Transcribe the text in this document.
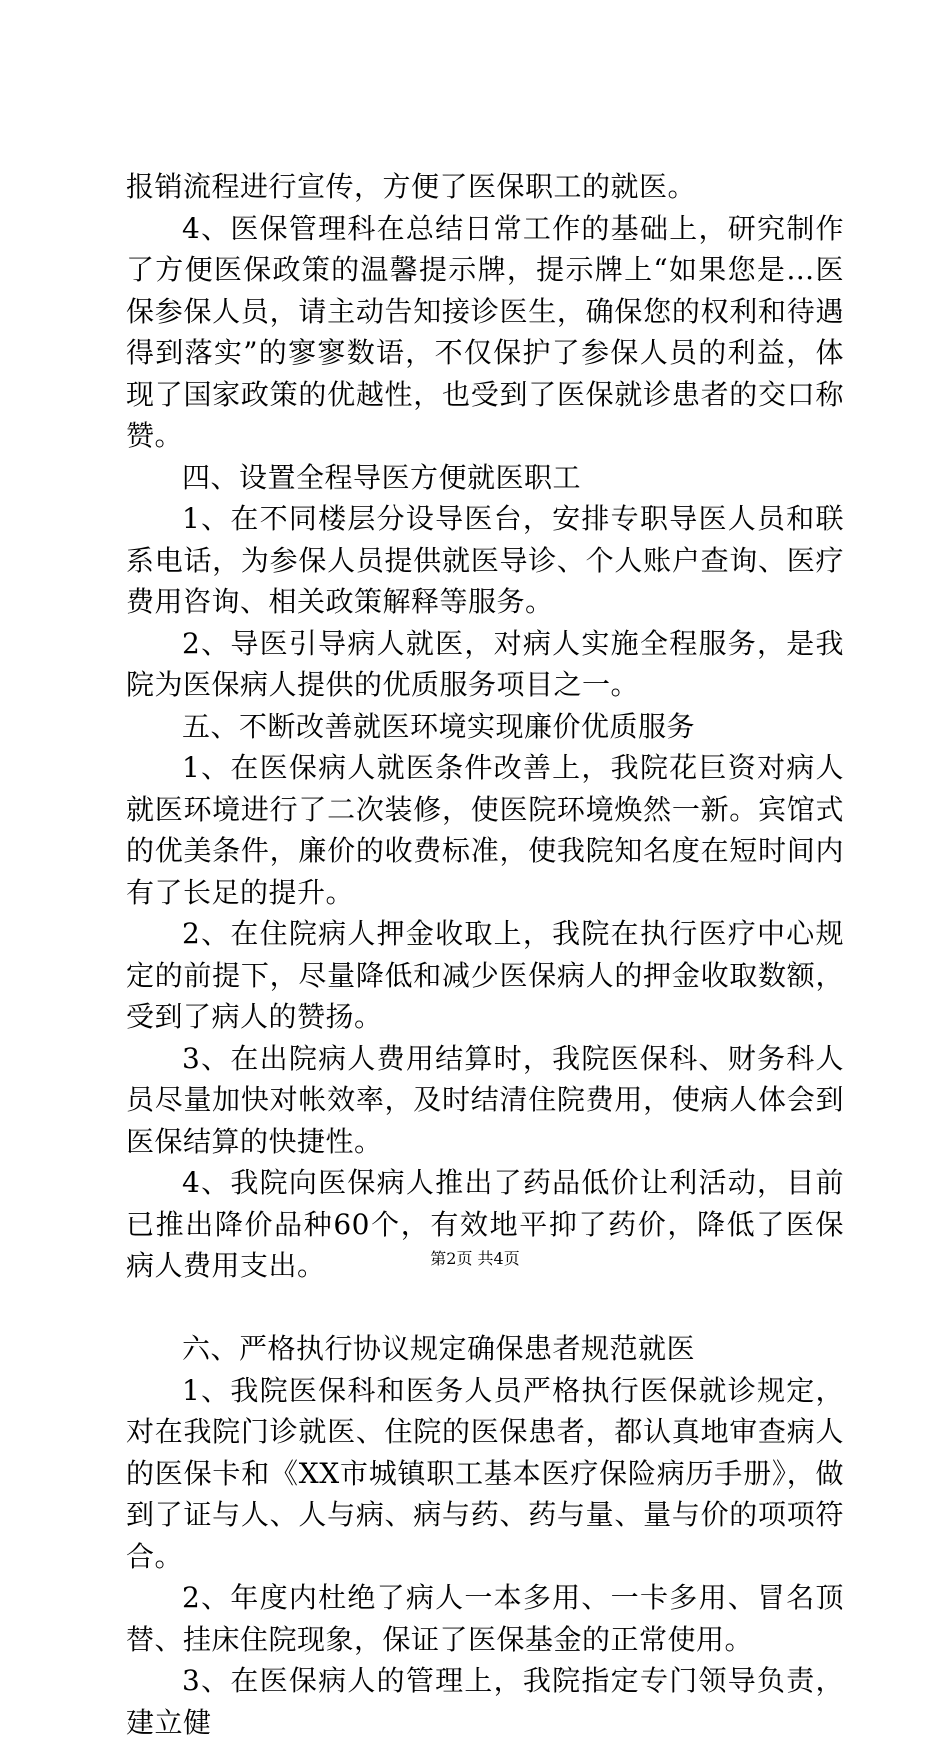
报销流程进行宣传，方便了医保职工的就医。

4、医保管理科在总结日常工作的基础上，研究制作了方便医保政策的温馨提示牌，提示牌上“如果您是…医保参保人员，请主动告知接诊医生，确保您的权利和待遇得到落实”的寥寥数语，不仅保护了参保人员的利益，体现了国家政策的优越性，也受到了医保就诊患者的交口称赞。

四、设置全程导医方便就医职工

1、在不同楼层分设导医台，安排专职导医人员和联系电话，为参保人员提供就医导诊、个人账户查询、医疗费用咨询、相关政策解释等服务。

2、导医引导病人就医，对病人实施全程服务，是我院为医保病人提供的优质服务项目之一。

五、不断改善就医环境实现廉价优质服务

1、在医保病人就医条件改善上，我院花巨资对病人就医环境进行了二次装修，使医院环境焕然一新。宾馆式的优美条件，廉价的收费标准，使我院知名度在短时间内有了长足的提升。

2、在住院病人押金收取上，我院在执行医疗中心规定的前提下，尽量降低和减少医保病人的押金收取数额，受到了病人的赞扬。

3、在出院病人费用结算时，我院医保科、财务科人员尽量加快对帐效率，及时结清住院费用，使病人体会到医保结算的快捷性。

4、我院向医保病人推出了药品低价让利活动，目前已推出降价品种60个，有效地平抑了药价，降低了医保病人费用支出。

六、严格执行协议规定确保患者规范就医

1、我院医保科和医务人员严格执行医保就诊规定，对在我院门诊就医、住院的医保患者，都认真地审查病人的医保卡和《XX市城镇职工基本医疗保险病历手册》，做到了证与人、人与病、病与药、药与量、量与价的项项符合。

2、年度内杜绝了病人一本多用、一卡多用、冒名顶替、挂床住院现象，保证了医保基金的正常使用。

3、在医保病人的管理上，我院指定专门领导负责，建立健

第2页 共4页
